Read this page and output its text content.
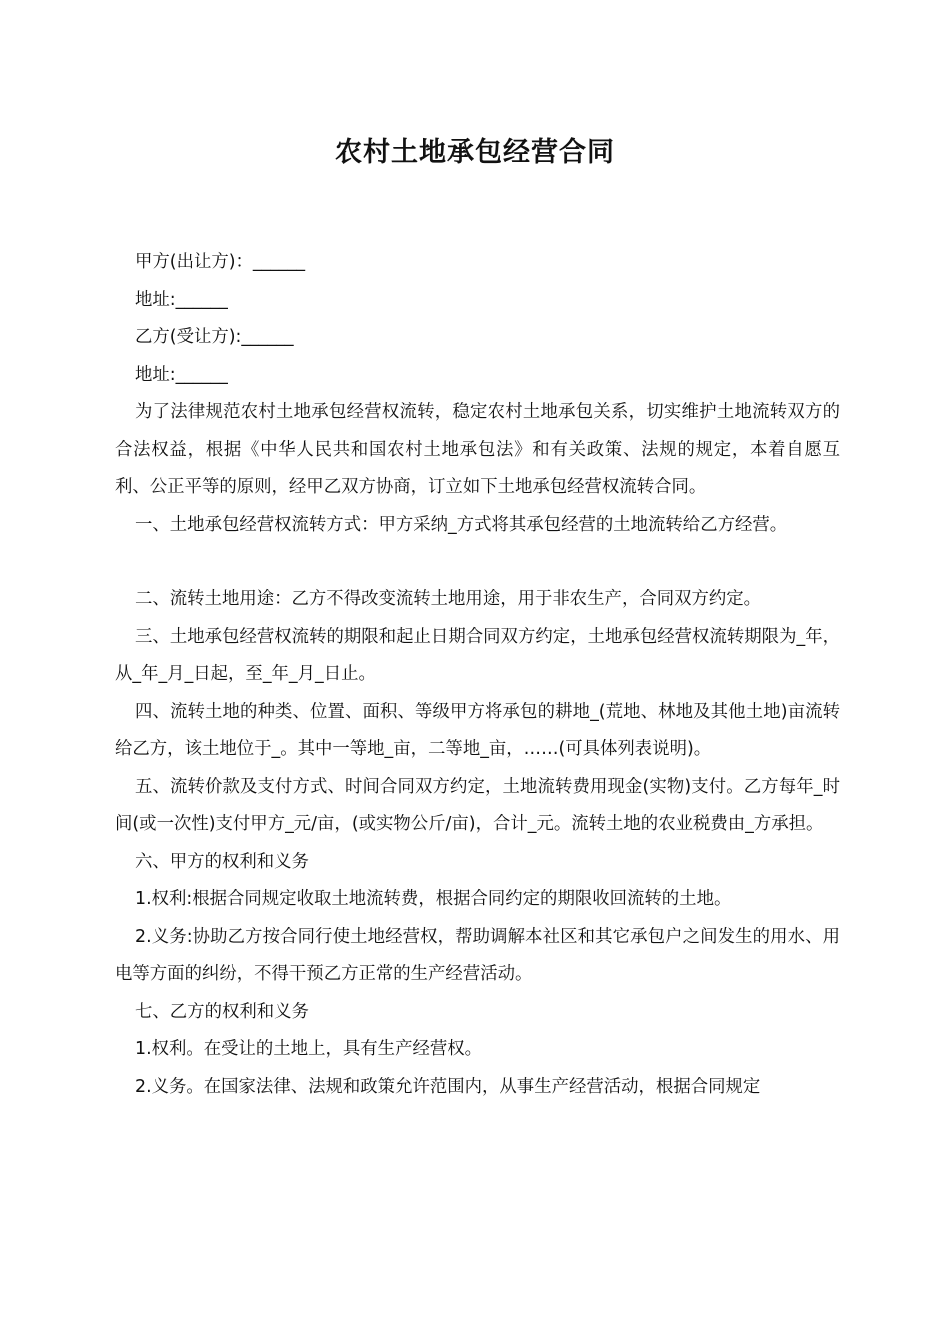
农村土地承包经营合同

甲方(出让方)：______

地址:______

乙方(受让方):______

地址:______

为了法律规范农村土地承包经营权流转，稳定农村土地承包关系，切实维护土地流转双方的合法权益，根据《中华人民共和国农村土地承包法》和有关政策、法规的规定，本着自愿互利、公正平等的原则，经甲乙双方协商，订立如下土地承包经营权流转合同。

一、土地承包经营权流转方式：甲方采纳_方式将其承包经营的土地流转给乙方经营。

二、流转土地用途：乙方不得改变流转土地用途，用于非农生产，合同双方约定。

三、土地承包经营权流转的期限和起止日期合同双方约定，土地承包经营权流转期限为_年，从_年_月_日起，至_年_月_日止。

四、流转土地的种类、位置、面积、等级甲方将承包的耕地_(荒地、林地及其他土地)亩流转给乙方，该土地位于_。其中一等地_亩，二等地_亩，……(可具体列表说明)。

五、流转价款及支付方式、时间合同双方约定，土地流转费用现金(实物)支付。乙方每年_时间(或一次性)支付甲方_元/亩，(或实物公斤/亩)，合计_元。流转土地的农业税费由_方承担。

六、甲方的权利和义务

1.权利:根据合同规定收取土地流转费，根据合同约定的期限收回流转的土地。

2.义务:协助乙方按合同行使土地经营权，帮助调解本社区和其它承包户之间发生的用水、用电等方面的纠纷，不得干预乙方正常的生产经营活动。

七、乙方的权利和义务

1.权利。在受让的土地上，具有生产经营权。

2.义务。在国家法律、法规和政策允许范围内，从事生产经营活动，根据合同规定
